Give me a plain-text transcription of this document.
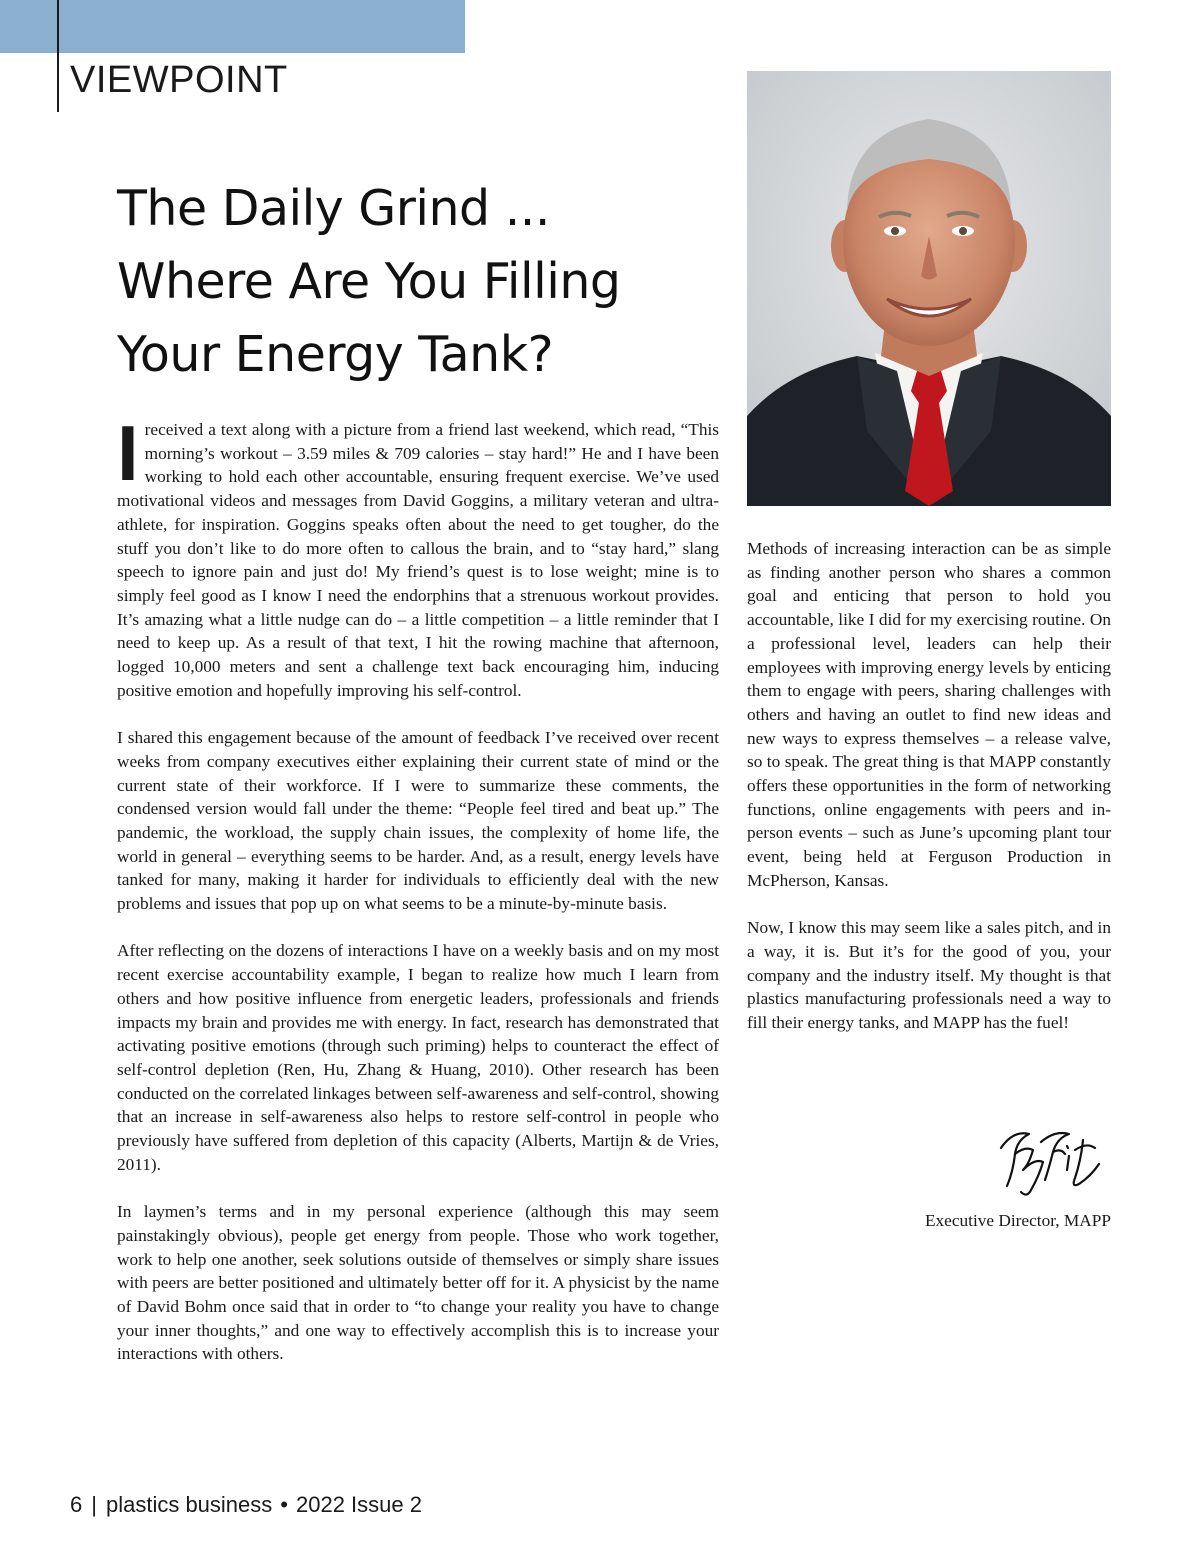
VIEWPOINT
The Daily Grind ...
Where Are You Filling
Your Energy Tank?

I received a text along with a picture from a friend last weekend, which read, “This morning’s workout – 3.59 miles & 709 calories – stay hard!” He and I have been working to hold each other accountable, ensuring frequent exercise. We’ve used motivational videos and messages from David Goggins, a military veteran and ultra-athlete, for inspiration. Goggins speaks often about the need to get tougher, do the stuff you don’t like to do more often to callous the brain, and to “stay hard,” slang speech to ignore pain and just do! My friend’s quest is to lose weight; mine is to simply feel good as I know I need the endorphins that a strenuous workout provides. It’s amazing what a little nudge can do – a little competition – a little reminder that I need to keep up. As a result of that text, I hit the rowing machine that afternoon, logged 10,000 meters and sent a challenge text back encouraging him, inducing positive emotion and hopefully improving his self-control.

I shared this engagement because of the amount of feedback I’ve received over recent weeks from company executives either explaining their current state of mind or the current state of their workforce. If I were to summarize these comments, the condensed version would fall under the theme: “People feel tired and beat up.” The pandemic, the workload, the supply chain issues, the complexity of home life, the world in general – everything seems to be harder. And, as a result, energy levels have tanked for many, making it harder for individuals to efficiently deal with the new problems and issues that pop up on what seems to be a minute-by-minute basis.

After reflecting on the dozens of interactions I have on a weekly basis and on my most recent exercise accountability example, I began to realize how much I learn from others and how positive influence from energetic leaders, professionals and friends impacts my brain and provides me with energy. In fact, research has demonstrated that activating positive emotions (through such priming) helps to counteract the effect of self-control depletion (Ren, Hu, Zhang & Huang, 2010). Other research has been conducted on the correlated linkages between self-awareness and self-control, showing that an increase in self-awareness also helps to restore self-control in people who previously have suffered from depletion of this capacity (Alberts, Martijn & de Vries, 2011).

In laymen’s terms and in my personal experience (although this may seem painstakingly obvious), people get energy from people. Those who work together, work to help one another, seek solutions outside of themselves or simply share issues with peers are better positioned and ultimately better off for it. A physicist by the name of David Bohm once said that in order to “to change your reality you have to change your inner thoughts,” and one way to effectively accomplish this is to increase your interactions with others.

Methods of increasing interaction can be as simple as finding another person who shares a common goal and enticing that person to hold you accountable, like I did for my exercising routine. On a professional level, leaders can help their employees with improving energy levels by enticing them to engage with peers, sharing challenges with others and having an outlet to find new ideas and new ways to express themselves – a release valve, so to speak. The great thing is that MAPP constantly offers these opportunities in the form of networking functions, online engagements with peers and in-person events – such as June’s upcoming plant tour event, being held at Ferguson Production in McPherson, Kansas.

Now, I know this may seem like a sales pitch, and in a way, it is. But it’s for the good of you, your company and the industry itself. My thought is that plastics manufacturing professionals need a way to fill their energy tanks, and MAPP has the fuel!

Executive Director, MAPP
6 | plastics business • 2022 Issue 2
